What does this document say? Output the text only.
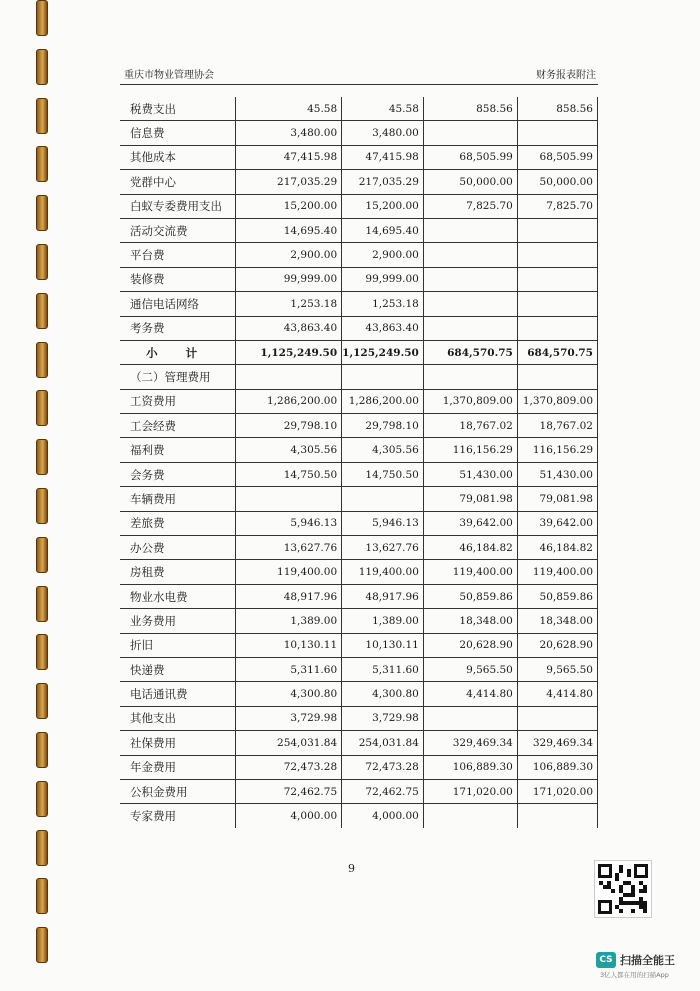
重庆市物业管理协会	财务报表附注
税费支出	45.58	45.58	858.56		858.56
信息费	3,480.00	3,480.00			
其他成本	47,415.98	47,415.98	68,505.99		68,505.99
党群中心	217,035.29	217,035.29	50,000.00		50,000.00
白蚁专委费用支出	15,200.00	15,200.00	7,825.70		7,825.70
活动交流费	14,695.40	14,695.40			
平台费	2,900.00	2,900.00			
装修费	99,999.00	99,999.00			
通信电话网络	1,253.18	1,253.18			
考务费	43,863.40	43,863.40			
小 计	1,125,249.50	1,125,249.50	684,570.75		684,570.75
（二）管理费用					
工资费用	1,286,200.00	1,286,200.00	1,370,809.00		1,370,809.00
工会经费	29,798.10	29,798.10	18,767.02		18,767.02
福利费	4,305.56	4,305.56	116,156.29		116,156.29
会务费	14,750.50	14,750.50	51,430.00		51,430.00
车辆费用			79,081.98		79,081.98
差旅费	5,946.13	5,946.13	39,642.00		39,642.00
办公费	13,627.76	13,627.76	46,184.82		46,184.82
房租费	119,400.00	119,400.00	119,400.00		119,400.00
物业水电费	48,917.96	48,917.96	50,859.86		50,859.86
业务费用	1,389.00	1,389.00	18,348.00		18,348.00
折旧	10,130.11	10,130.11	20,628.90		20,628.90
快递费	5,311.60	5,311.60	9,565.50		9,565.50
电话通讯费	4,300.80	4,300.80	4,414.80		4,414.80
其他支出	3,729.98	3,729.98			
社保费用	254,031.84	254,031.84	329,469.34		329,469.34
年金费用	72,473.28	72,473.28	106,889.30		106,889.30
公积金费用	72,462.75	72,462.75	171,020.00		171,020.00
专家费用	4,000.00	4,000.00			
9
CS 扫描全能王
3亿人都在用的扫描App
